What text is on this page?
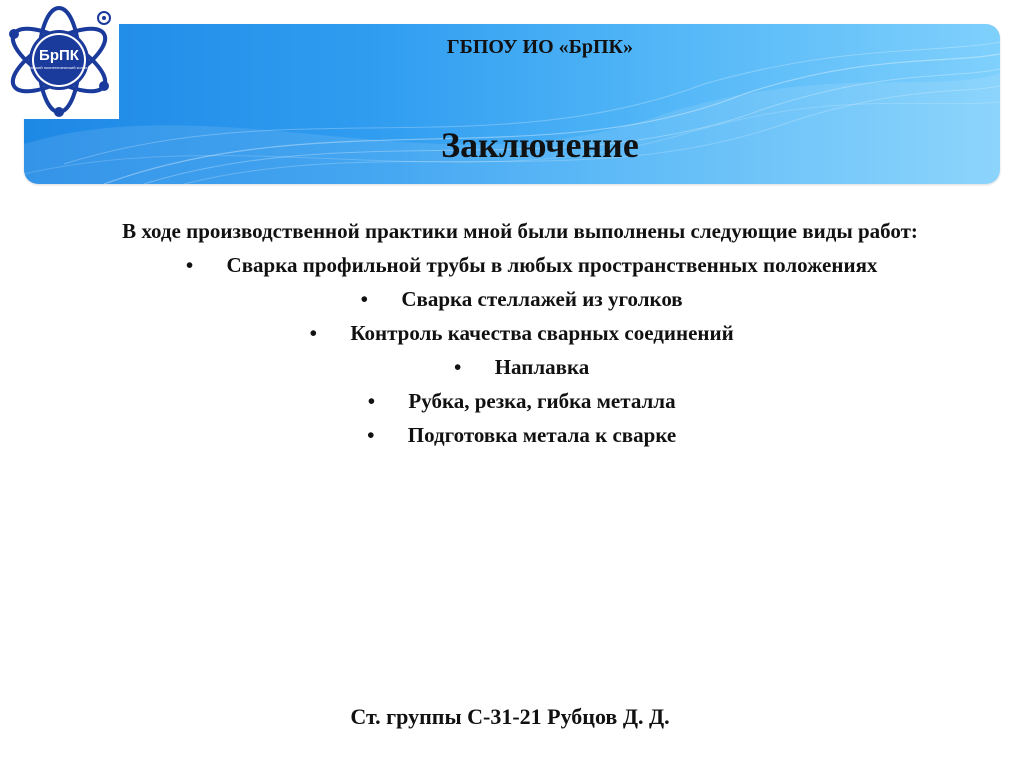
БрПК
Братский политехнический колледж
ГБПОУ ИО «БрПК»
Заключение

В ходе производственной практики мной были выполнены следующие виды работ:

• Сварка профильной трубы в любых пространственных положениях
• Сварка стеллажей из уголков
• Контроль качества сварных соединений
• Наплавка
• Рубка, резка, гибка металла
• Подготовка метала к сварке
Ст. группы С-31-21 Рубцов Д. Д.
